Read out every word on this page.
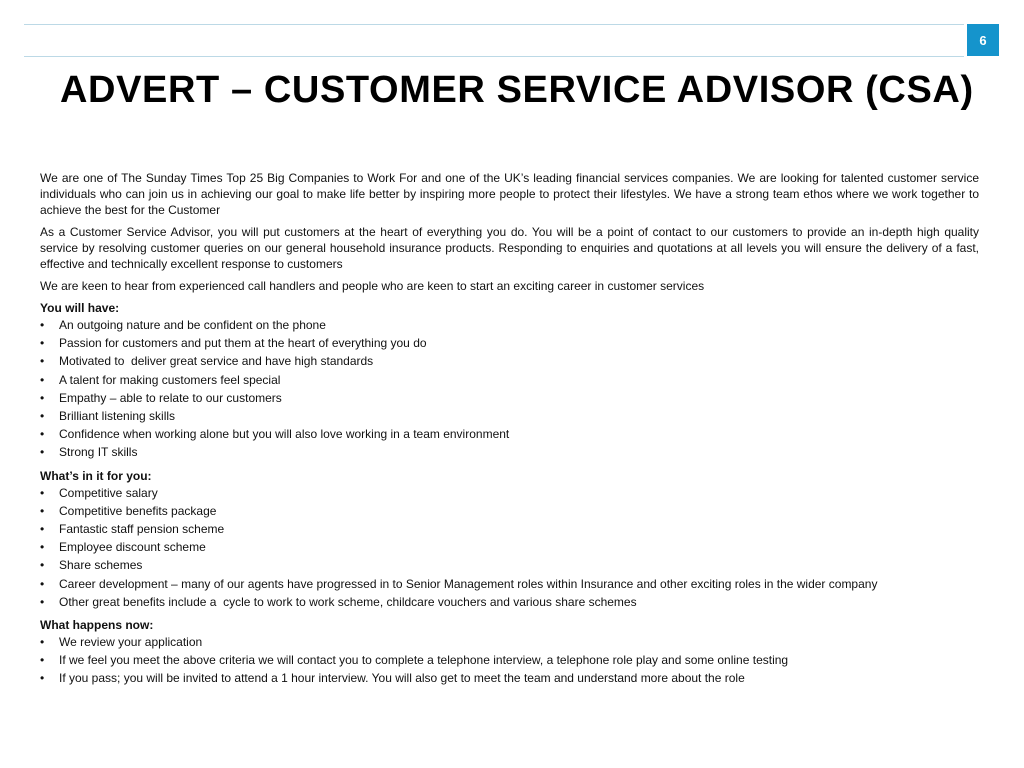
6
ADVERT – CUSTOMER SERVICE ADVISOR (CSA)

We are one of The Sunday Times Top 25 Big Companies to Work For and one of the UK’s leading financial services companies. We are looking for talented customer service individuals who can join us in achieving our goal to make life better by inspiring more people to protect their lifestyles. We have a strong team ethos where we work together to achieve the best for the Customer

As a Customer Service Advisor, you will put customers at the heart of everything you do. You will be a point of contact to our customers to provide an in-depth high quality service by resolving customer queries on our general household insurance products. Responding to enquiries and quotations at all levels you will ensure the delivery of a fast, effective and technically excellent response to customers

We are keen to hear from experienced call handlers and people who are keen to start an exciting career in customer services

You will have:
• An outgoing nature and be confident on the phone
• Passion for customers and put them at the heart of everything you do
• Motivated to  deliver great service and have high standards
• A talent for making customers feel special
• Empathy – able to relate to our customers
• Brilliant listening skills
• Confidence when working alone but you will also love working in a team environment
• Strong IT skills
What’s in it for you:
• Competitive salary
• Competitive benefits package
• Fantastic staff pension scheme
• Employee discount scheme
• Share schemes
• Career development – many of our agents have progressed in to Senior Management roles within Insurance and other exciting roles in the wider company
• Other great benefits include a  cycle to work to work scheme, childcare vouchers and various share schemes
What happens now:
• We review your application
• If we feel you meet the above criteria we will contact you to complete a telephone interview, a telephone role play and some online testing
• If you pass; you will be invited to attend a 1 hour interview. You will also get to meet the team and understand more about the role
